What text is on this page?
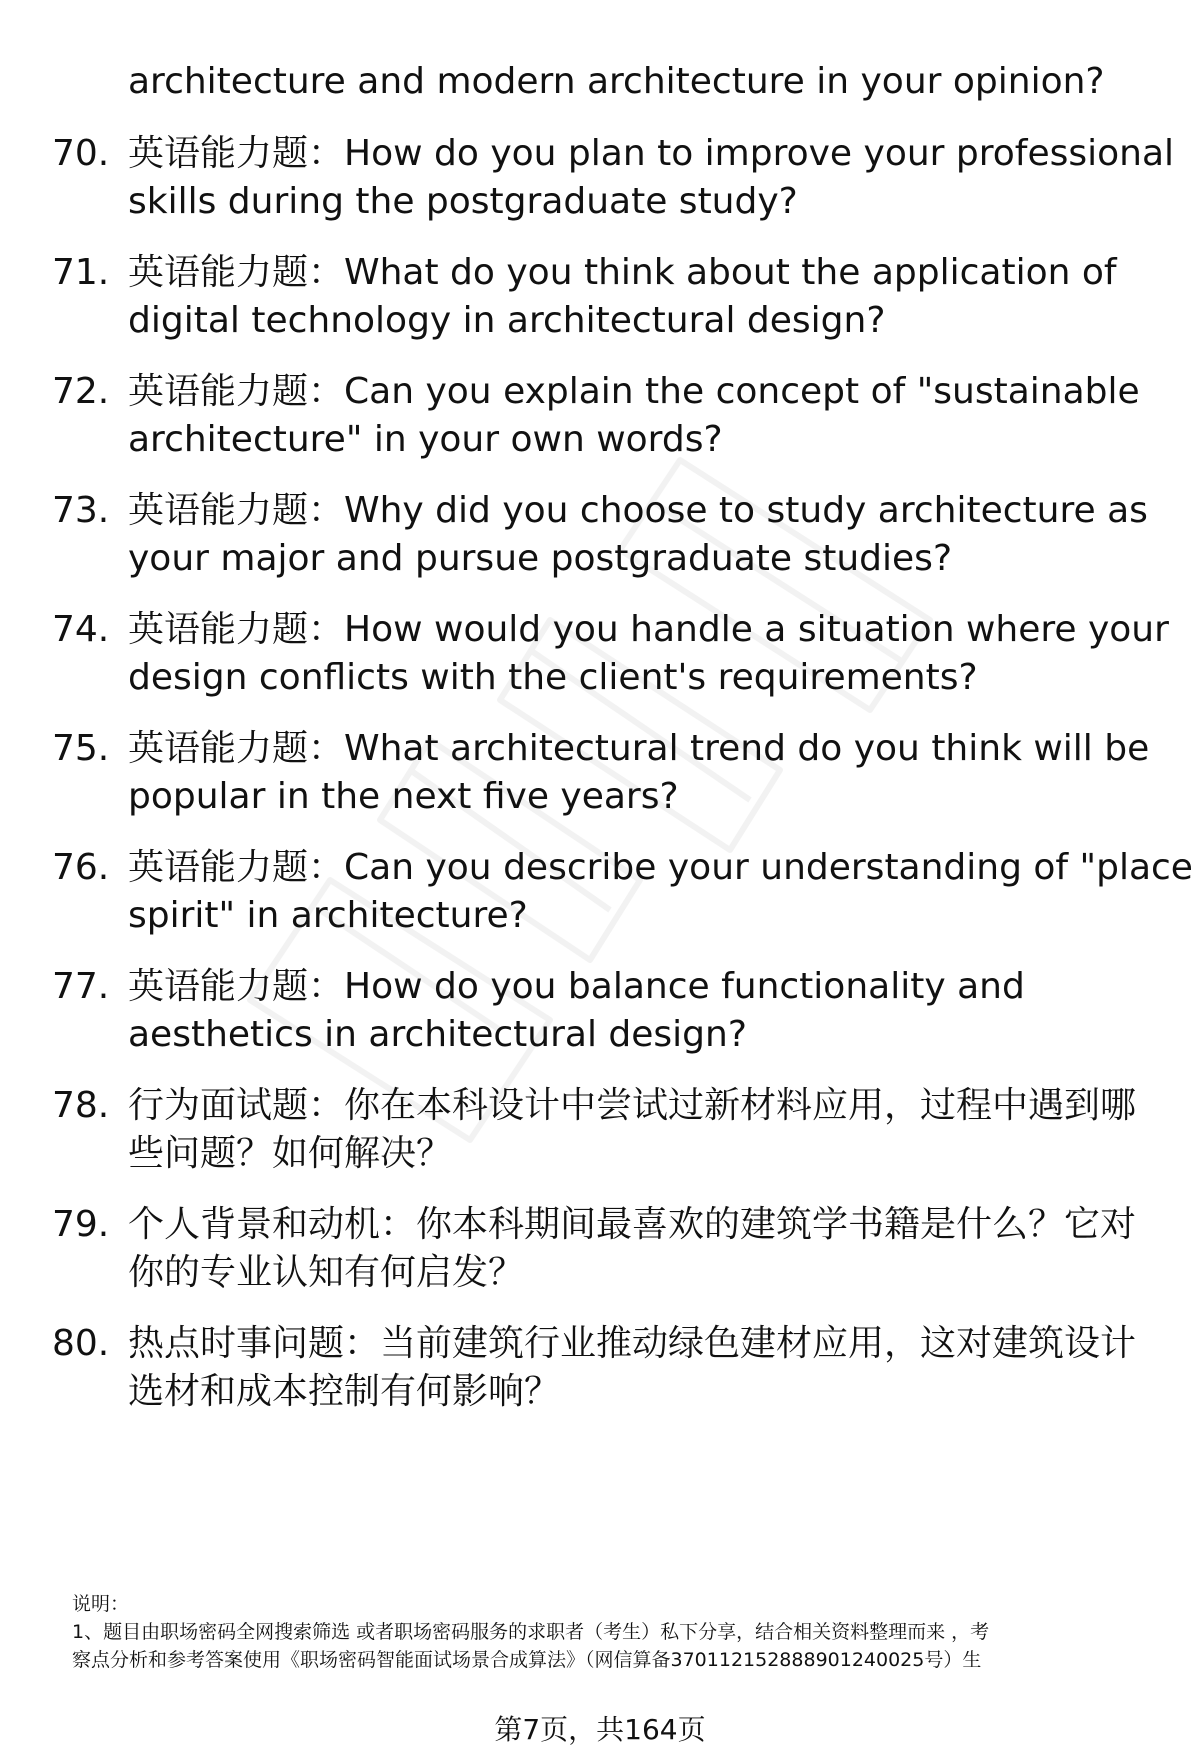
architecture and modern architecture in your opinion?
70. 英语能力题：How do you plan to improve your professional
skills during the postgraduate study?
71. 英语能力题：What do you think about the application of
digital technology in architectural design?
72. 英语能力题：Can you explain the concept of "sustainable
architecture" in your own words?
73. 英语能力题：Why did you choose to study architecture as
your major and pursue postgraduate studies?
74. 英语能力题：How would you handle a situation where your
design conflicts with the client's requirements?
75. 英语能力题：What architectural trend do you think will be
popular in the next five years?
76. 英语能力题：Can you describe your understanding of "place
spirit" in architecture?
77. 英语能力题：How do you balance functionality and
aesthetics in architectural design?
78. 行为面试题：你在本科设计中尝试过新材料应用，过程中遇到哪
些问题？如何解决？
79. 个人背景和动机：你本科期间最喜欢的建筑学书籍是什么？它对
你的专业认知有何启发？
80. 热点时事问题：当前建筑行业推动绿色建材应用，这对建筑设计
选材和成本控制有何影响？
说明：
1、题目由职场密码全网搜索筛选 或者职场密码服务的求职者（考生）私下分享，结合相关资料整理而来 ，考
察点分析和参考答案使用《职场密码智能面试场景合成算法》（网信算备370112152888901240025号）生
第7页，共164页
